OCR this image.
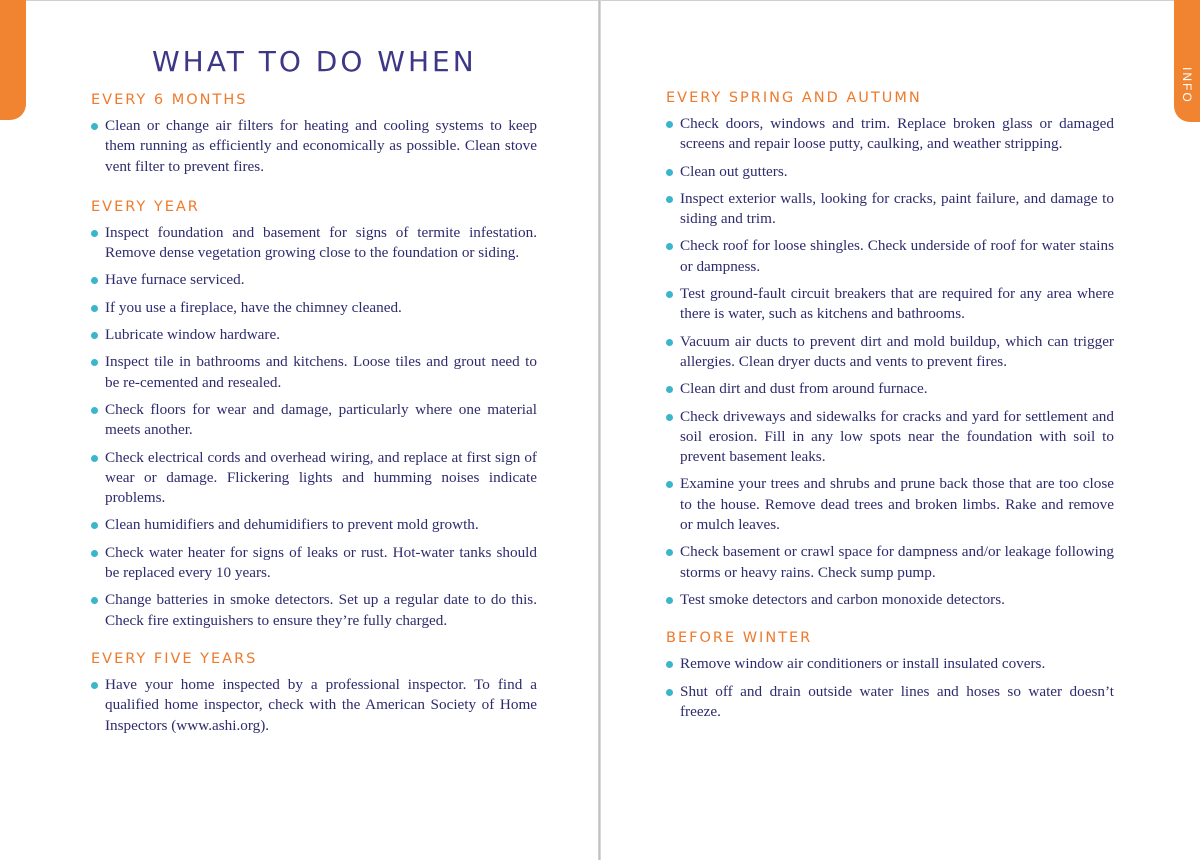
INFO
WHAT TO DO WHEN
EVERY 6 MONTHS
Clean or change air filters for heating and cooling systems to keep them running as efficiently and economically as possible. Clean stove vent filter to prevent fires.
EVERY YEAR
Inspect foundation and basement for signs of termite infestation. Remove dense vegetation growing close to the foundation or siding.
Have furnace serviced.
If you use a fireplace, have the chimney cleaned.
Lubricate window hardware.
Inspect tile in bathrooms and kitchens. Loose tiles and grout need to be re-cemented and resealed.
Check floors for wear and damage, particularly where one material meets another.
Check electrical cords and overhead wiring, and replace at first sign of wear or damage. Flickering lights and humming noises indicate problems.
Clean humidifiers and dehumidifiers to prevent mold growth.
Check water heater for signs of leaks or rust. Hot-water tanks should be replaced every 10 years.
Change batteries in smoke detectors. Set up a regular date to do this. Check fire extinguishers to ensure they’re fully charged.
EVERY FIVE YEARS
Have your home inspected by a professional inspector. To find a qualified home inspector, check with the American Society of Home Inspectors (www.ashi.org).
EVERY SPRING AND AUTUMN
Check doors, windows and trim. Replace broken glass or damaged screens and repair loose putty, caulking, and weather stripping.
Clean out gutters.
Inspect exterior walls, looking for cracks, paint failure, and damage to siding and trim.
Check roof for loose shingles. Check underside of roof for water stains or dampness.
Test ground-fault circuit breakers that are required for any area where there is water, such as kitchens and bathrooms.
Vacuum air ducts to prevent dirt and mold buildup, which can trigger allergies. Clean dryer ducts and vents to prevent fires.
Clean dirt and dust from around furnace.
Check driveways and sidewalks for cracks and yard for settlement and soil erosion. Fill in any low spots near the foundation with soil to prevent basement leaks.
Examine your trees and shrubs and prune back those that are too close to the house. Remove dead trees and broken limbs. Rake and remove or mulch leaves.
Check basement or crawl space for dampness and/or leakage following storms or heavy rains. Check sump pump.
Test smoke detectors and carbon monoxide detectors.
BEFORE WINTER
Remove window air conditioners or install insulated covers.
Shut off and drain outside water lines and hoses so water doesn’t freeze.
